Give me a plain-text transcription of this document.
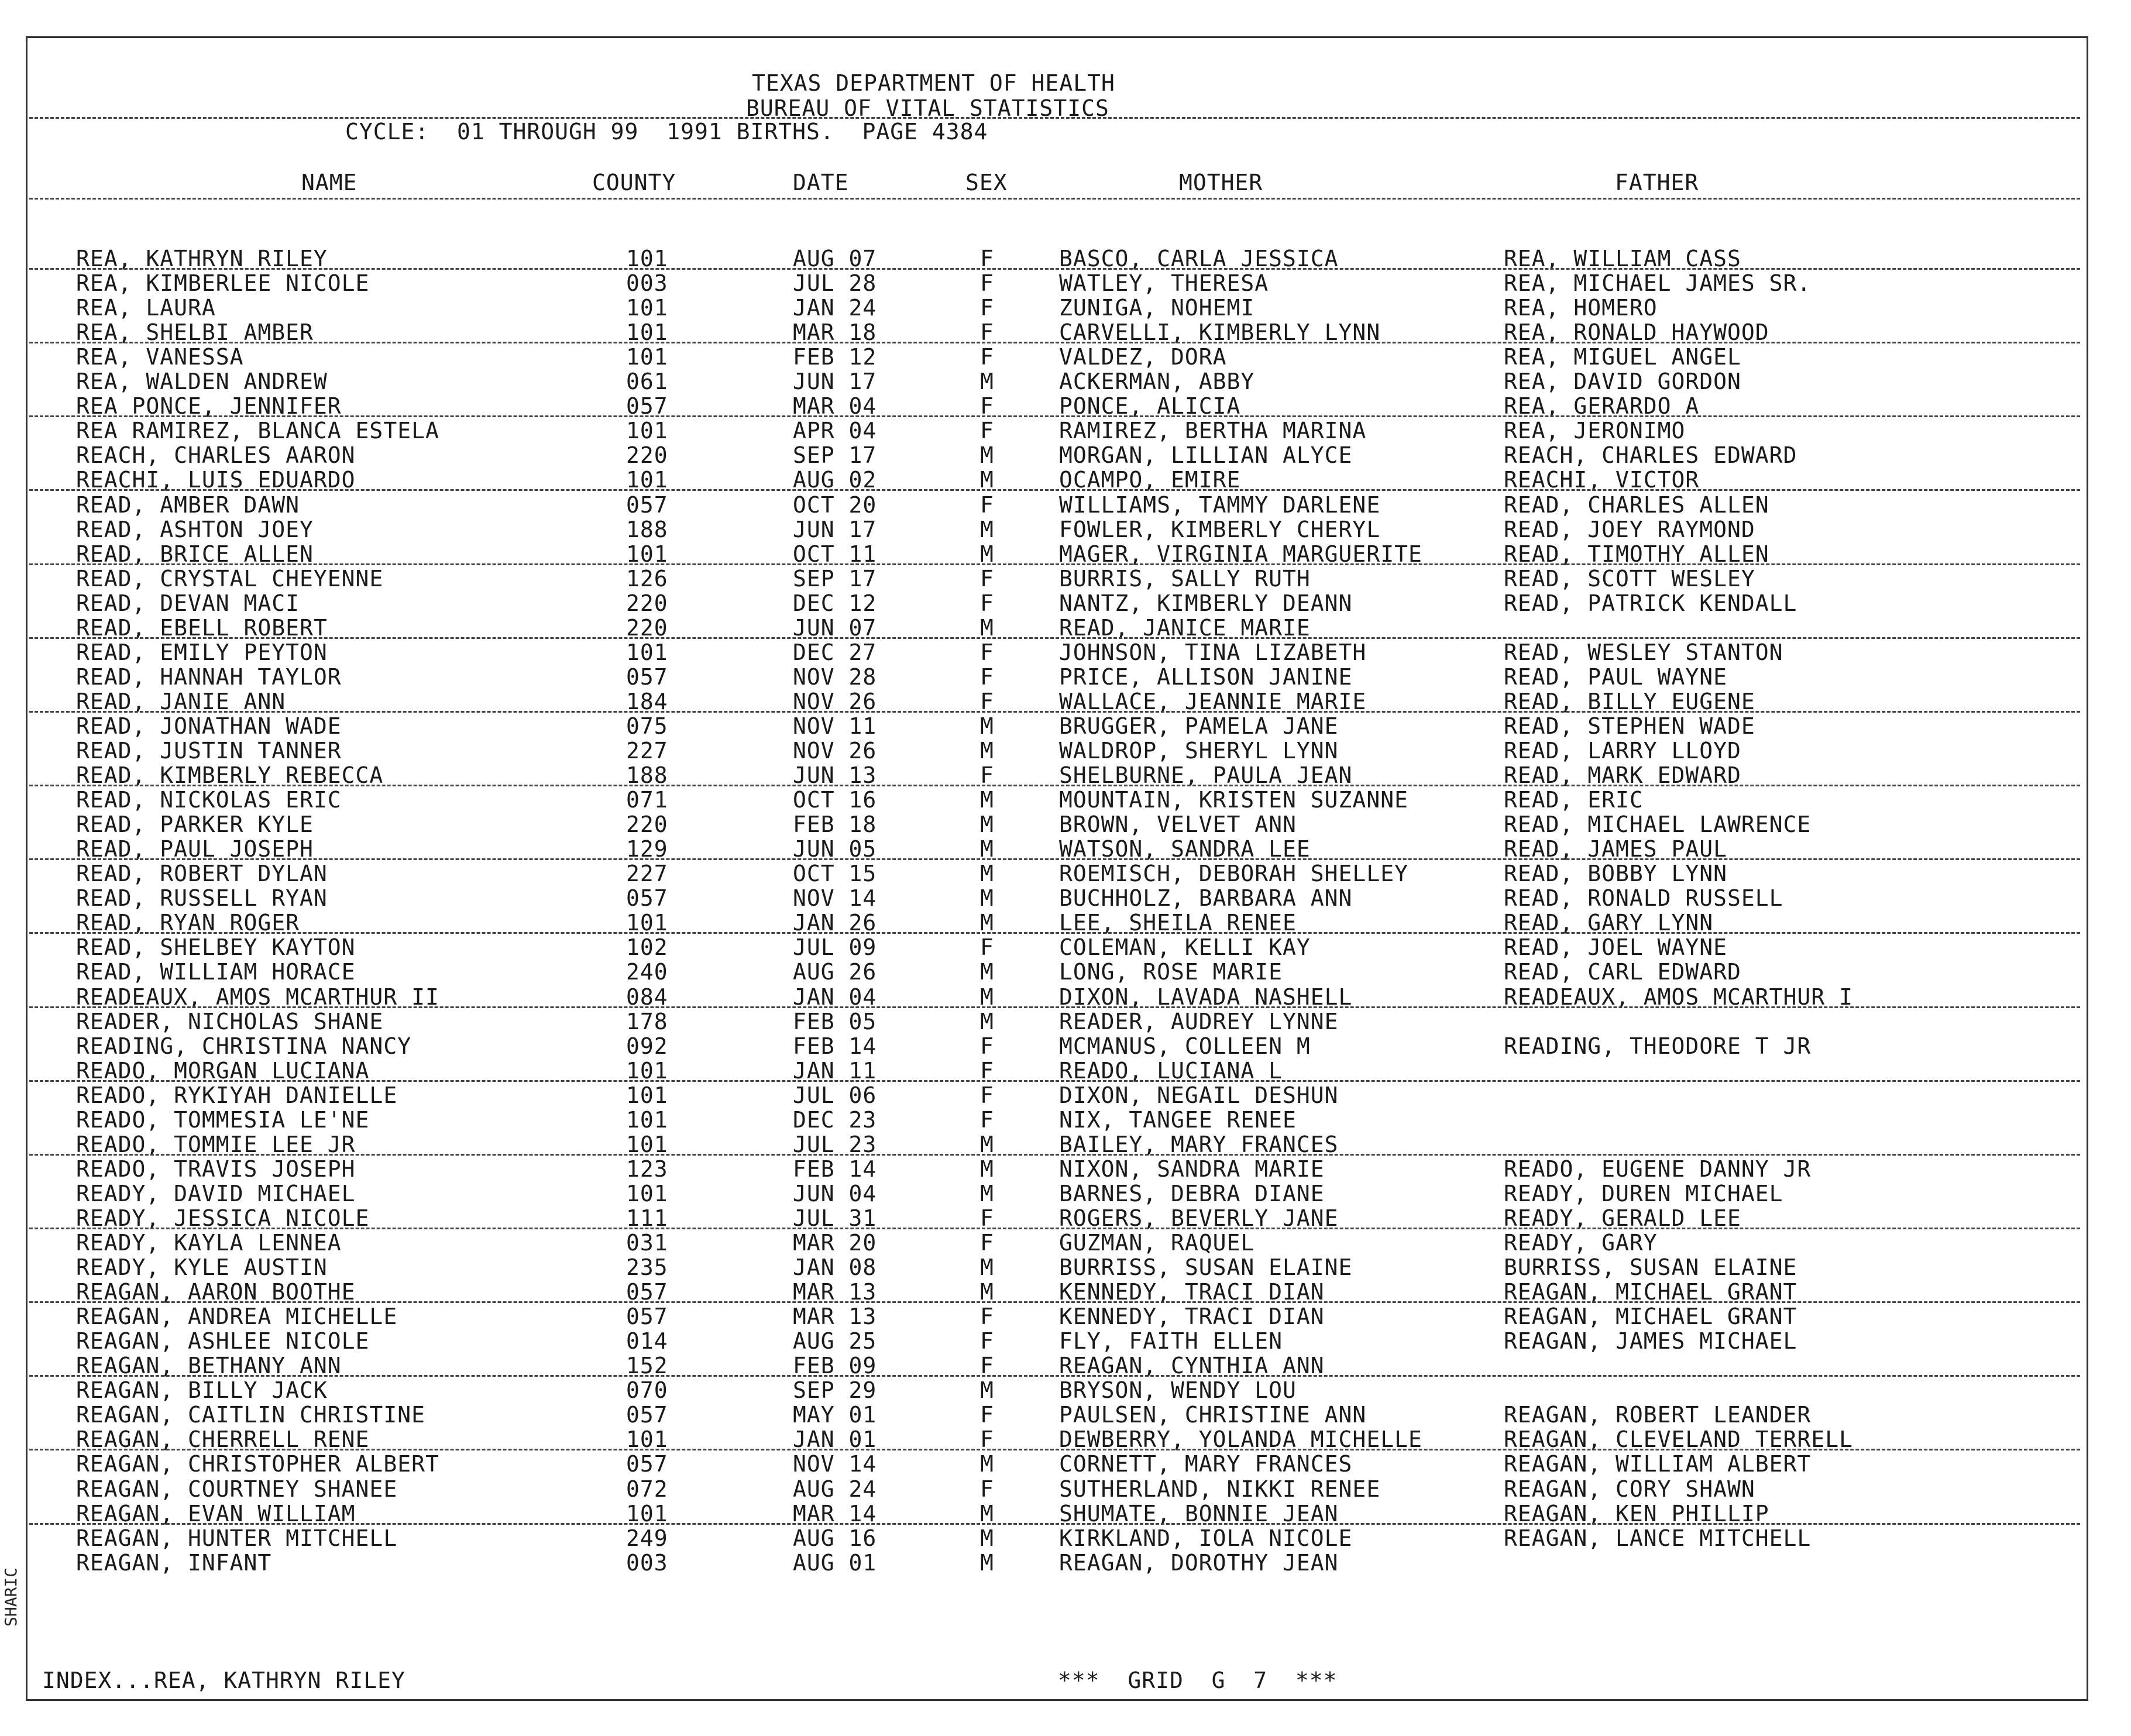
SHARIC
TEXAS DEPARTMENT OF HEALTH
BUREAU OF VITAL STATISTICS
CYCLE:  01 THROUGH 99  1991 BIRTHS.  PAGE 4384
NAME	COUNTY	DATE	SEX	MOTHER	FATHER
REA, KATHRYN RILEY	101	AUG 07	F	BASCO, CARLA JESSICA	REA, WILLIAM CASS
REA, KIMBERLEE NICOLE	003	JUL 28	F	WATLEY, THERESA	REA, MICHAEL JAMES SR.
REA, LAURA	101	JAN 24	F	ZUNIGA, NOHEMI	REA, HOMERO
REA, SHELBI AMBER	101	MAR 18	F	CARVELLI, KIMBERLY LYNN	REA, RONALD HAYWOOD
REA, VANESSA	101	FEB 12	F	VALDEZ, DORA	REA, MIGUEL ANGEL
REA, WALDEN ANDREW	061	JUN 17	M	ACKERMAN, ABBY	REA, DAVID GORDON
REA PONCE, JENNIFER	057	MAR 04	F	PONCE, ALICIA	REA, GERARDO A
REA RAMIREZ, BLANCA ESTELA	101	APR 04	F	RAMIREZ, BERTHA MARINA	REA, JERONIMO
REACH, CHARLES AARON	220	SEP 17	M	MORGAN, LILLIAN ALYCE	REACH, CHARLES EDWARD
REACHI, LUIS EDUARDO	101	AUG 02	M	OCAMPO, EMIRE	REACHI, VICTOR
READ, AMBER DAWN	057	OCT 20	F	WILLIAMS, TAMMY DARLENE	READ, CHARLES ALLEN
READ, ASHTON JOEY	188	JUN 17	M	FOWLER, KIMBERLY CHERYL	READ, JOEY RAYMOND
READ, BRICE ALLEN	101	OCT 11	M	MAGER, VIRGINIA MARGUERITE	READ, TIMOTHY ALLEN
READ, CRYSTAL CHEYENNE	126	SEP 17	F	BURRIS, SALLY RUTH	READ, SCOTT WESLEY
READ, DEVAN MACI	220	DEC 12	F	NANTZ, KIMBERLY DEANN	READ, PATRICK KENDALL
READ, EBELL ROBERT	220	JUN 07	M	READ, JANICE MARIE
READ, EMILY PEYTON	101	DEC 27	F	JOHNSON, TINA LIZABETH	READ, WESLEY STANTON
READ, HANNAH TAYLOR	057	NOV 28	F	PRICE, ALLISON JANINE	READ, PAUL WAYNE
READ, JANIE ANN	184	NOV 26	F	WALLACE, JEANNIE MARIE	READ, BILLY EUGENE
READ, JONATHAN WADE	075	NOV 11	M	BRUGGER, PAMELA JANE	READ, STEPHEN WADE
READ, JUSTIN TANNER	227	NOV 26	M	WALDROP, SHERYL LYNN	READ, LARRY LLOYD
READ, KIMBERLY REBECCA	188	JUN 13	F	SHELBURNE, PAULA JEAN	READ, MARK EDWARD
READ, NICKOLAS ERIC	071	OCT 16	M	MOUNTAIN, KRISTEN SUZANNE	READ, ERIC
READ, PARKER KYLE	220	FEB 18	M	BROWN, VELVET ANN	READ, MICHAEL LAWRENCE
READ, PAUL JOSEPH	129	JUN 05	M	WATSON, SANDRA LEE	READ, JAMES PAUL
READ, ROBERT DYLAN	227	OCT 15	M	ROEMISCH, DEBORAH SHELLEY	READ, BOBBY LYNN
READ, RUSSELL RYAN	057	NOV 14	M	BUCHHOLZ, BARBARA ANN	READ, RONALD RUSSELL
READ, RYAN ROGER	101	JAN 26	M	LEE, SHEILA RENEE	READ, GARY LYNN
READ, SHELBEY KAYTON	102	JUL 09	F	COLEMAN, KELLI KAY	READ, JOEL WAYNE
READ, WILLIAM HORACE	240	AUG 26	M	LONG, ROSE MARIE	READ, CARL EDWARD
READEAUX, AMOS MCARTHUR II	084	JAN 04	M	DIXON, LAVADA NASHELL	READEAUX, AMOS MCARTHUR I
READER, NICHOLAS SHANE	178	FEB 05	M	READER, AUDREY LYNNE
READING, CHRISTINA NANCY	092	FEB 14	F	MCMANUS, COLLEEN M	READING, THEODORE T JR
READO, MORGAN LUCIANA	101	JAN 11	F	READO, LUCIANA L
READO, RYKIYAH DANIELLE	101	JUL 06	F	DIXON, NEGAIL DESHUN
READO, TOMMESIA LE'NE	101	DEC 23	F	NIX, TANGEE RENEE
READO, TOMMIE LEE JR	101	JUL 23	M	BAILEY, MARY FRANCES
READO, TRAVIS JOSEPH	123	FEB 14	M	NIXON, SANDRA MARIE	READO, EUGENE DANNY JR
READY, DAVID MICHAEL	101	JUN 04	M	BARNES, DEBRA DIANE	READY, DUREN MICHAEL
READY, JESSICA NICOLE	111	JUL 31	F	ROGERS, BEVERLY JANE	READY, GERALD LEE
READY, KAYLA LENNEA	031	MAR 20	F	GUZMAN, RAQUEL	READY, GARY
READY, KYLE AUSTIN	235	JAN 08	M	BURRISS, SUSAN ELAINE	BURRISS, SUSAN ELAINE
REAGAN, AARON BOOTHE	057	MAR 13	M	KENNEDY, TRACI DIAN	REAGAN, MICHAEL GRANT
REAGAN, ANDREA MICHELLE	057	MAR 13	F	KENNEDY, TRACI DIAN	REAGAN, MICHAEL GRANT
REAGAN, ASHLEE NICOLE	014	AUG 25	F	FLY, FAITH ELLEN	REAGAN, JAMES MICHAEL
REAGAN, BETHANY ANN	152	FEB 09	F	REAGAN, CYNTHIA ANN
REAGAN, BILLY JACK	070	SEP 29	M	BRYSON, WENDY LOU
REAGAN, CAITLIN CHRISTINE	057	MAY 01	F	PAULSEN, CHRISTINE ANN	REAGAN, ROBERT LEANDER
REAGAN, CHERRELL RENE	101	JAN 01	F	DEWBERRY, YOLANDA MICHELLE	REAGAN, CLEVELAND TERRELL
REAGAN, CHRISTOPHER ALBERT	057	NOV 14	M	CORNETT, MARY FRANCES	REAGAN, WILLIAM ALBERT
REAGAN, COURTNEY SHANEE	072	AUG 24	F	SUTHERLAND, NIKKI RENEE	REAGAN, CORY SHAWN
REAGAN, EVAN WILLIAM	101	MAR 14	M	SHUMATE, BONNIE JEAN	REAGAN, KEN PHILLIP
REAGAN, HUNTER MITCHELL	249	AUG 16	M	KIRKLAND, IOLA NICOLE	REAGAN, LANCE MITCHELL
REAGAN, INFANT	003	AUG 01	M	REAGAN, DOROTHY JEAN
INDEX...REA, KATHRYN RILEY	***  GRID  G  7  ***
